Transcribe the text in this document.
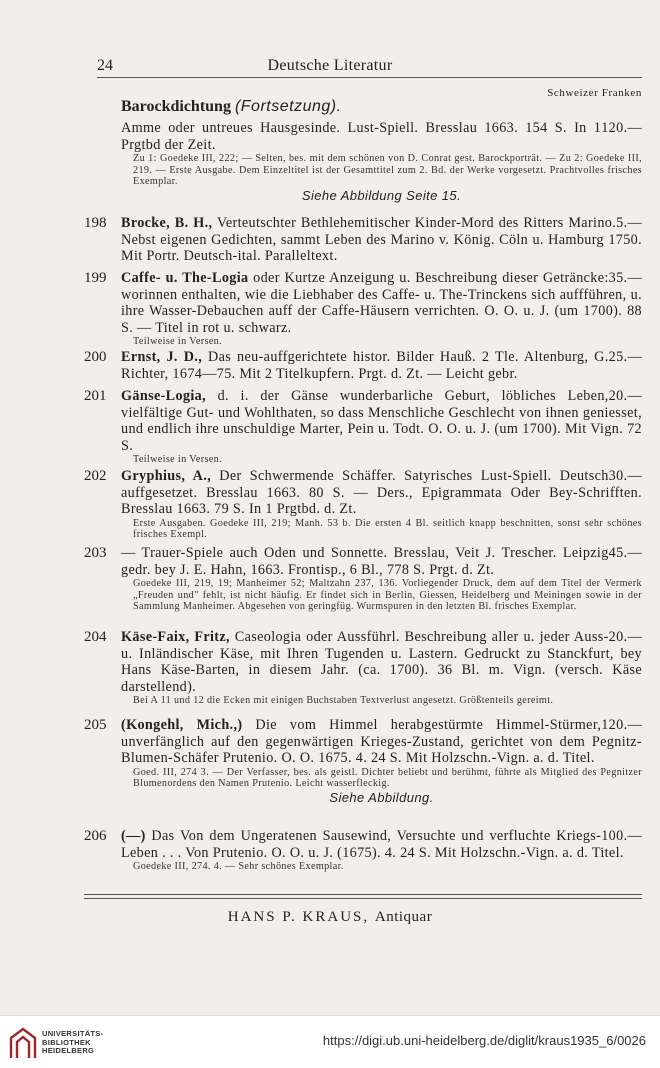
24	Deutsche Literatur
Schweizer Franken
Barockdichtung (Fortsetzung).
120.—
Amme oder untreues Hausgesinde. Lust-Spiell. Bresslau 1663. 154 S. In 1 Prgtbd der Zeit.
Zu 1: Goedeke III, 222; — Selten, bes. mit dem schönen von D. Conrat gest. Barockporträt. — Zu 2: Goedeke III, 219. — Erste Ausgabe. Dem Einzeltitel ist der Gesamttitel zum 2. Bd. der Werke vorgesetzt. Prachtvolles frisches Exemplar.
Siehe Abbildung Seite 15.
198	5.—
Brocke, B. H., Verteutschter Bethlehemitischer Kinder-Mord des Ritters Marino. Nebst eigenen Gedichten, sammt Leben des Marino v. König. Cöln u. Hamburg 1750. Mit Portr. Deutsch-ital. Paralleltext.
199	35.—
Caffe- u. The-Logia oder Kurtze Anzeigung u. Beschreibung dieser Geträncke: worinnen enthalten, wie die Liebhaber des Caffe- u. The-Trinckens sich auffführen, u. ihre Wasser-Debauchen auff der Caffe-Häusern verrichten. O. O. u. J. (um 1700). 88 S. — Titel in rot u. schwarz.
Teilweise in Versen.
200	25.—
Ernst, J. D., Das neu-auffgerichtete histor. Bilder Hauß. 2 Tle. Altenburg, G. Richter, 1674—75. Mit 2 Titelkupfern. Prgt. d. Zt. — Leicht gebr.
201	20.—
Gänse-Logia, d. i. der Gänse wunderbarliche Geburt, löbliches Leben, vielfältige Gut- und Wohlthaten, so dass Menschliche Geschlecht von ihnen geniesset, und endlich ihre unschuldige Marter, Pein u. Todt. O. O. u. J. (um 1700). Mit Vign. 72 S.
Teilweise in Versen.
202	30.—
Gryphius, A., Der Schwermende Schäffer. Satyrisches Lust-Spiell. Deutsch auffgesetzet. Bresslau 1663. 80 S. — Ders., Epigrammata Oder Bey-Schrifften. Bresslau 1663. 79 S. In 1 Prgtbd. d. Zt.
Erste Ausgaben. Goedeke III, 219; Manh. 53 b. Die ersten 4 Bl. seitlich knapp beschnitten, sonst sehr schönes frisches Exempl.
203	45.—
— Trauer-Spiele auch Oden und Sonnette. Bresslau, Veit J. Trescher. Leipzig gedr. bey J. E. Hahn, 1663. Frontisp., 6 Bl., 778 S. Prgt. d. Zt.
Goedeke III, 219, 19; Manheimer 52; Maltzahn 237, 136. Vorliegender Druck, dem auf dem Titel der Vermerk „Freuden und" fehlt, ist nicht häufig. Er findet sich in Berlin, Giessen, Heidelberg und Meiningen sowie in der Sammlung Manheimer. Abgesehen von geringfüg. Wurmspuren in den letzten Bl. frisches Exemplar.
204	20.—
Käse-Faix, Fritz, Caseologia oder Aussführl. Beschreibung aller u. jeder Auss- u. Inländischer Käse, mit Ihren Tugenden u. Lastern. Gedruckt zu Stanckfurt, bey Hans Käse-Barten, in diesem Jahr. (ca. 1700). 36 Bl. m. Vign. (versch. Käse darstellend).
Bei A 11 und 12 die Ecken mit einigen Buchstaben Textverlust angesetzt. Größtenteils gereimt.
205	120.—
(Kongehl, Mich.,) Die vom Himmel herabgestürmte Himmel-Stürmer, unverfänglich auf den gegenwärtigen Krieges-Zustand, gerichtet von dem Pegnitz-Blumen-Schäfer Prutenio. O. O. 1675. 4. 24 S. Mit Holzschn.-Vign. a. d. Titel.
Goed. III, 274 3. — Der Verfasser, bes. als geistl. Dichter beliebt und berühmt, führte als Mitglied des Pegnitzer Blumenordens den Namen Prutenio. Leicht wasserfleckig.
Siehe Abbildung.
206	100.—
(—) Das Von dem Ungeratenen Sausewind, Versuchte und verfluchte Kriegs-Leben . . . Von Prutenio. O. O. u. J. (1675). 4. 24 S. Mit Holzschn.-Vign. a. d. Titel.
Goedeke III, 274. 4. — Sehr schönes Exemplar.
HANS P. KRAUS, Antiquar
UNIVERSITÄTS-
BIBLIOTHEK
HEIDELBERG
https://digi.ub.uni-heidelberg.de/diglit/kraus1935_6/0026
